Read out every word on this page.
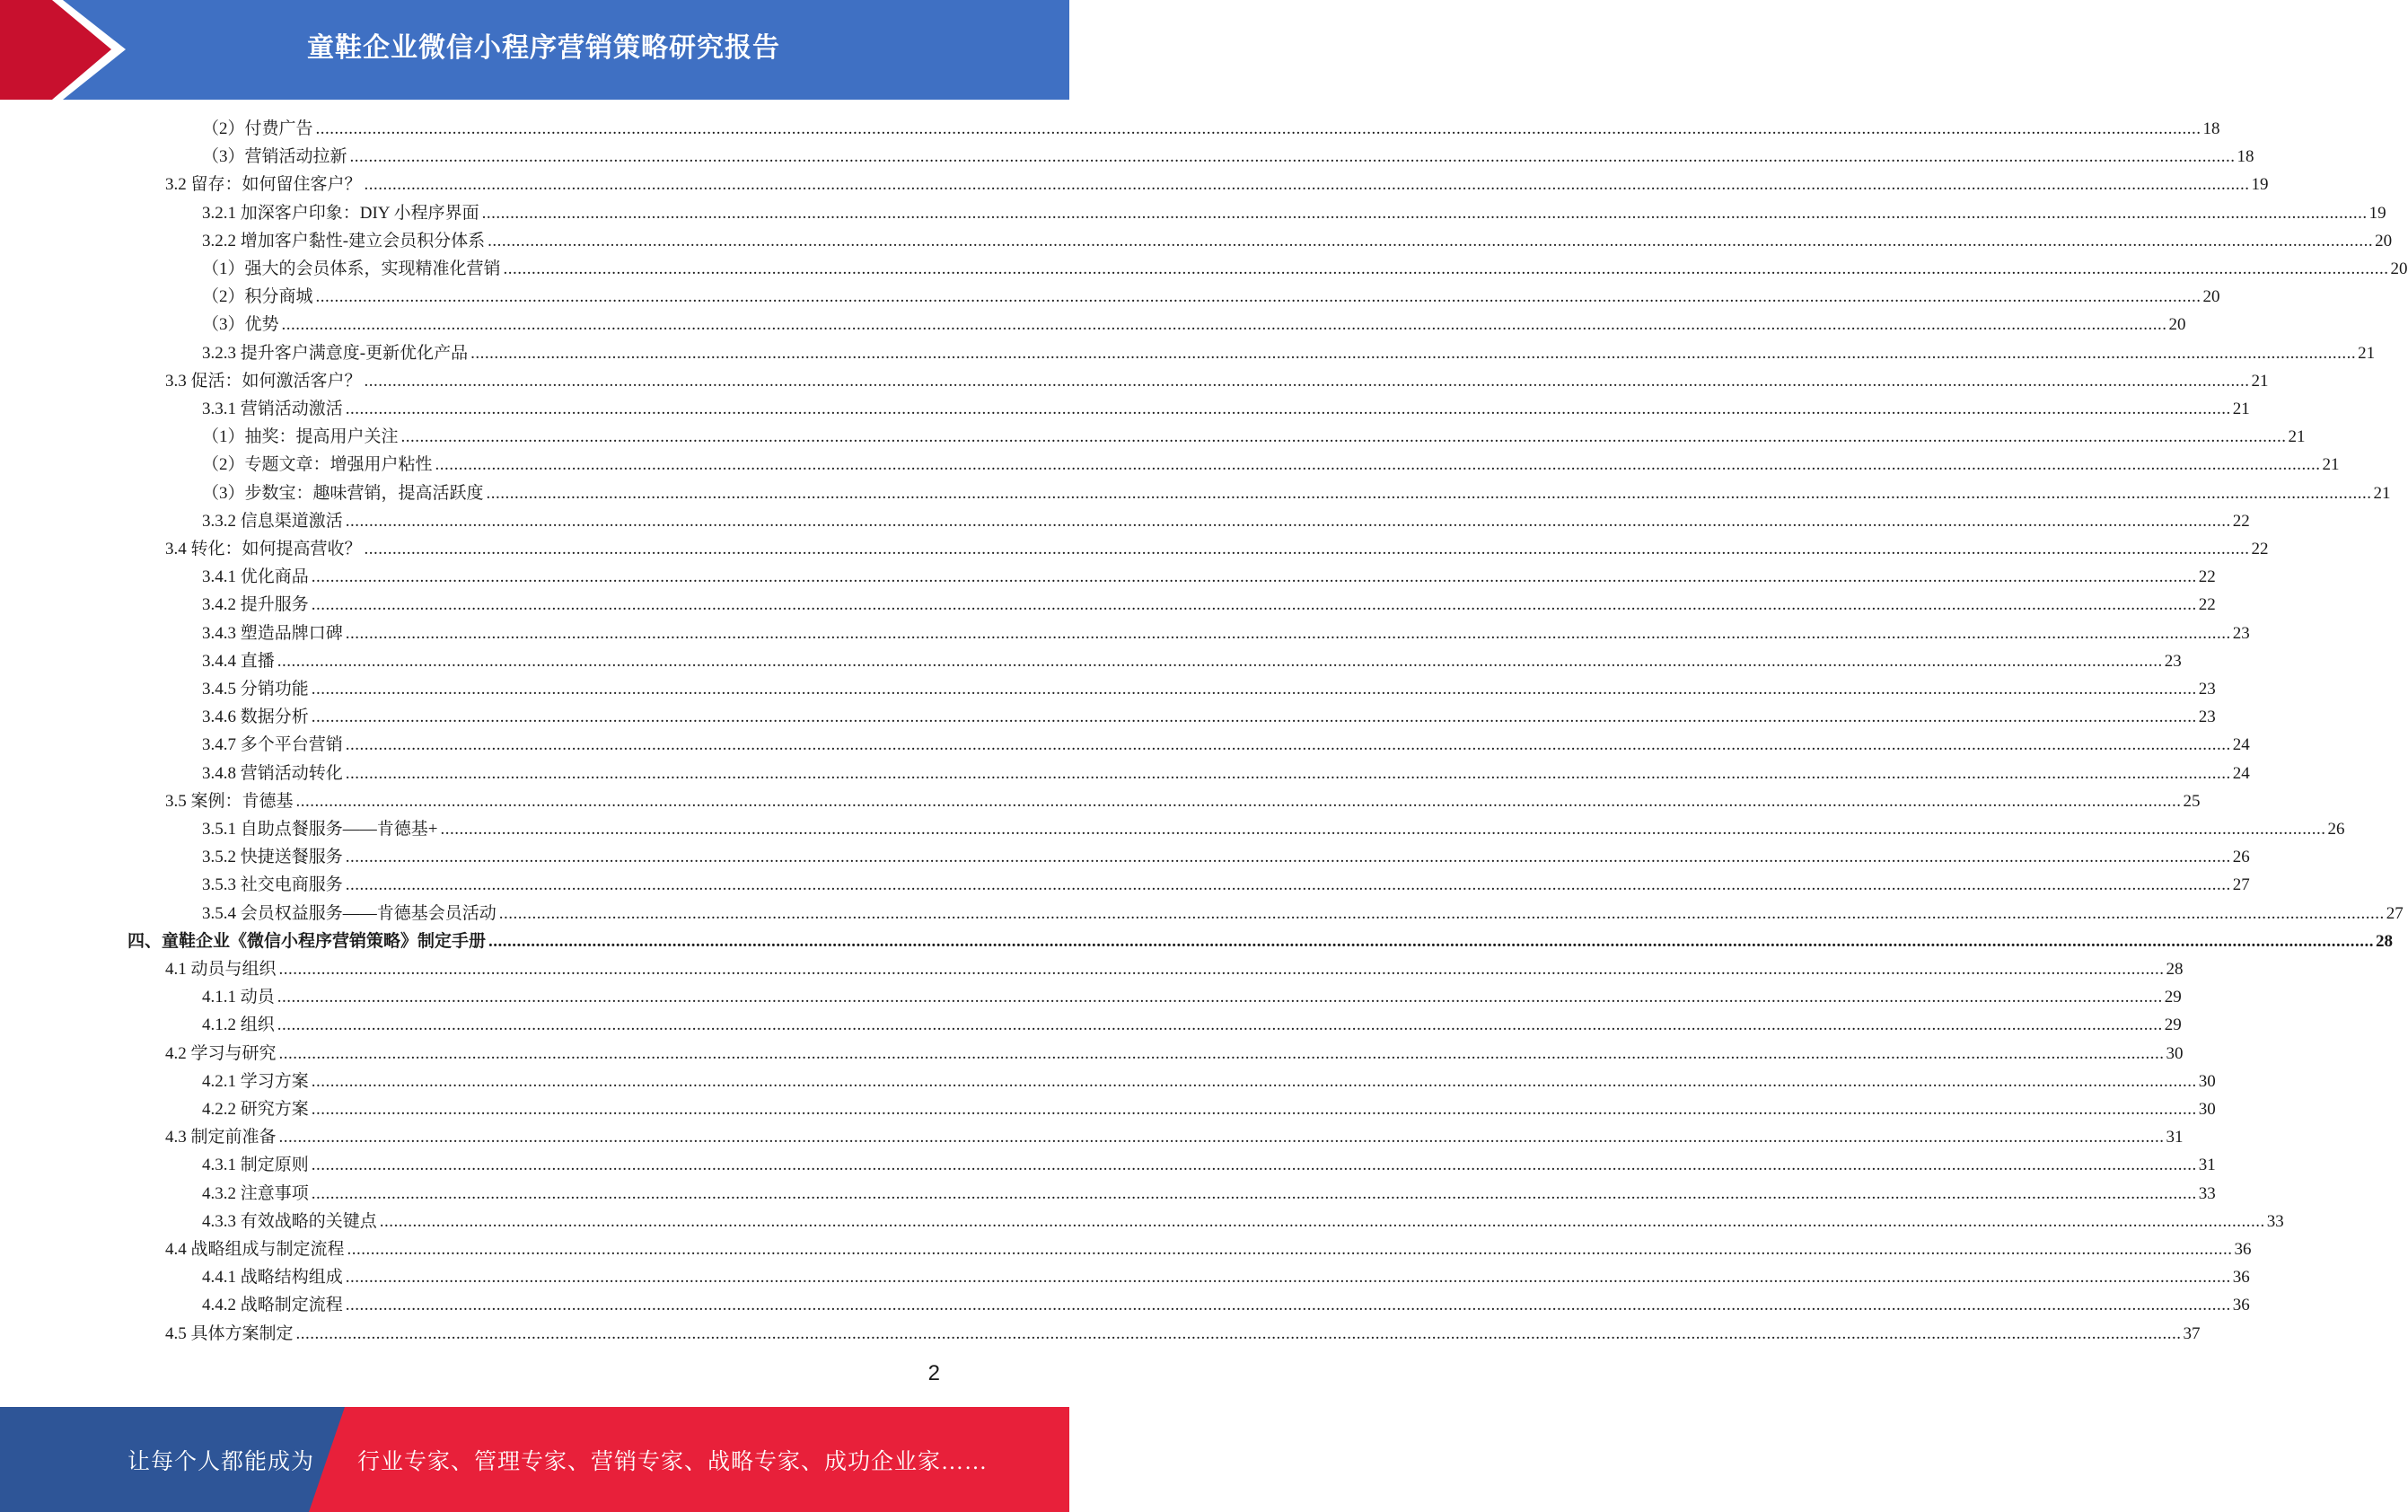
童鞋企业微信小程序营销策略研究报告
（2）付费广告 ................................................................................................................................................................................................................................................................................................................................................................................................................ 18
（3）营销活动拉新 ................................................................................................................................................................................................................................................................................................................................................................................................................ 18
3.2 留存：如何留住客户？ ................................................................................................................................................................................................................................................................................................................................................................................................................ 19
3.2.1 加深客户印象：DIY 小程序界面 ................................................................................................................................................................................................................................................................................................................................................................................................................ 19
3.2.2 增加客户黏性-建立会员积分体系 ................................................................................................................................................................................................................................................................................................................................................................................................................ 20
（1）强大的会员体系，实现精准化营销 ................................................................................................................................................................................................................................................................................................................................................................................................................ 20
（2）积分商城 ................................................................................................................................................................................................................................................................................................................................................................................................................ 20
（3）优势 ................................................................................................................................................................................................................................................................................................................................................................................................................ 20
3.2.3 提升客户满意度-更新优化产品 ................................................................................................................................................................................................................................................................................................................................................................................................................ 21
3.3 促活：如何激活客户？ ................................................................................................................................................................................................................................................................................................................................................................................................................ 21
3.3.1 营销活动激活 ................................................................................................................................................................................................................................................................................................................................................................................................................ 21
（1）抽奖：提高用户关注 ................................................................................................................................................................................................................................................................................................................................................................................................................ 21
（2）专题文章：增强用户粘性 ................................................................................................................................................................................................................................................................................................................................................................................................................ 21
（3）步数宝：趣味营销，提高活跃度 ................................................................................................................................................................................................................................................................................................................................................................................................................ 21
3.3.2 信息渠道激活 ................................................................................................................................................................................................................................................................................................................................................................................................................ 22
3.4 转化：如何提高营收？ ................................................................................................................................................................................................................................................................................................................................................................................................................ 22
3.4.1 优化商品 ................................................................................................................................................................................................................................................................................................................................................................................................................ 22
3.4.2 提升服务 ................................................................................................................................................................................................................................................................................................................................................................................................................ 22
3.4.3 塑造品牌口碑 ................................................................................................................................................................................................................................................................................................................................................................................................................ 23
3.4.4 直播 ................................................................................................................................................................................................................................................................................................................................................................................................................ 23
3.4.5 分销功能 ................................................................................................................................................................................................................................................................................................................................................................................................................ 23
3.4.6 数据分析 ................................................................................................................................................................................................................................................................................................................................................................................................................ 23
3.4.7 多个平台营销 ................................................................................................................................................................................................................................................................................................................................................................................................................ 24
3.4.8 营销活动转化 ................................................................................................................................................................................................................................................................................................................................................................................................................ 24
3.5 案例：肯德基 ................................................................................................................................................................................................................................................................................................................................................................................................................ 25
3.5.1 自助点餐服务——肯德基+ ................................................................................................................................................................................................................................................................................................................................................................................................................ 26
3.5.2 快捷送餐服务 ................................................................................................................................................................................................................................................................................................................................................................................................................ 26
3.5.3 社交电商服务 ................................................................................................................................................................................................................................................................................................................................................................................................................ 27
3.5.4 会员权益服务——肯德基会员活动 ................................................................................................................................................................................................................................................................................................................................................................................................................ 27
四、童鞋企业《微信小程序营销策略》制定手册 ................................................................................................................................................................................................................................................................................................................................................................................................................ 28
4.1 动员与组织 ................................................................................................................................................................................................................................................................................................................................................................................................................ 28
4.1.1 动员 ................................................................................................................................................................................................................................................................................................................................................................................................................ 29
4.1.2 组织 ................................................................................................................................................................................................................................................................................................................................................................................................................ 29
4.2 学习与研究 ................................................................................................................................................................................................................................................................................................................................................................................................................ 30
4.2.1 学习方案 ................................................................................................................................................................................................................................................................................................................................................................................................................ 30
4.2.2 研究方案 ................................................................................................................................................................................................................................................................................................................................................................................................................ 30
4.3 制定前准备 ................................................................................................................................................................................................................................................................................................................................................................................................................ 31
4.3.1 制定原则 ................................................................................................................................................................................................................................................................................................................................................................................................................ 31
4.3.2 注意事项 ................................................................................................................................................................................................................................................................................................................................................................................................................ 33
4.3.3 有效战略的关键点 ................................................................................................................................................................................................................................................................................................................................................................................................................ 33
4.4 战略组成与制定流程 ................................................................................................................................................................................................................................................................................................................................................................................................................ 36
4.4.1 战略结构组成 ................................................................................................................................................................................................................................................................................................................................................................................................................ 36
4.4.2 战略制定流程 ................................................................................................................................................................................................................................................................................................................................................................................................................ 36
4.5 具体方案制定 ................................................................................................................................................................................................................................................................................................................................................................................................................ 37
2
让每个人都能成为 行业专家、管理专家、营销专家、战略专家、成功企业家……
